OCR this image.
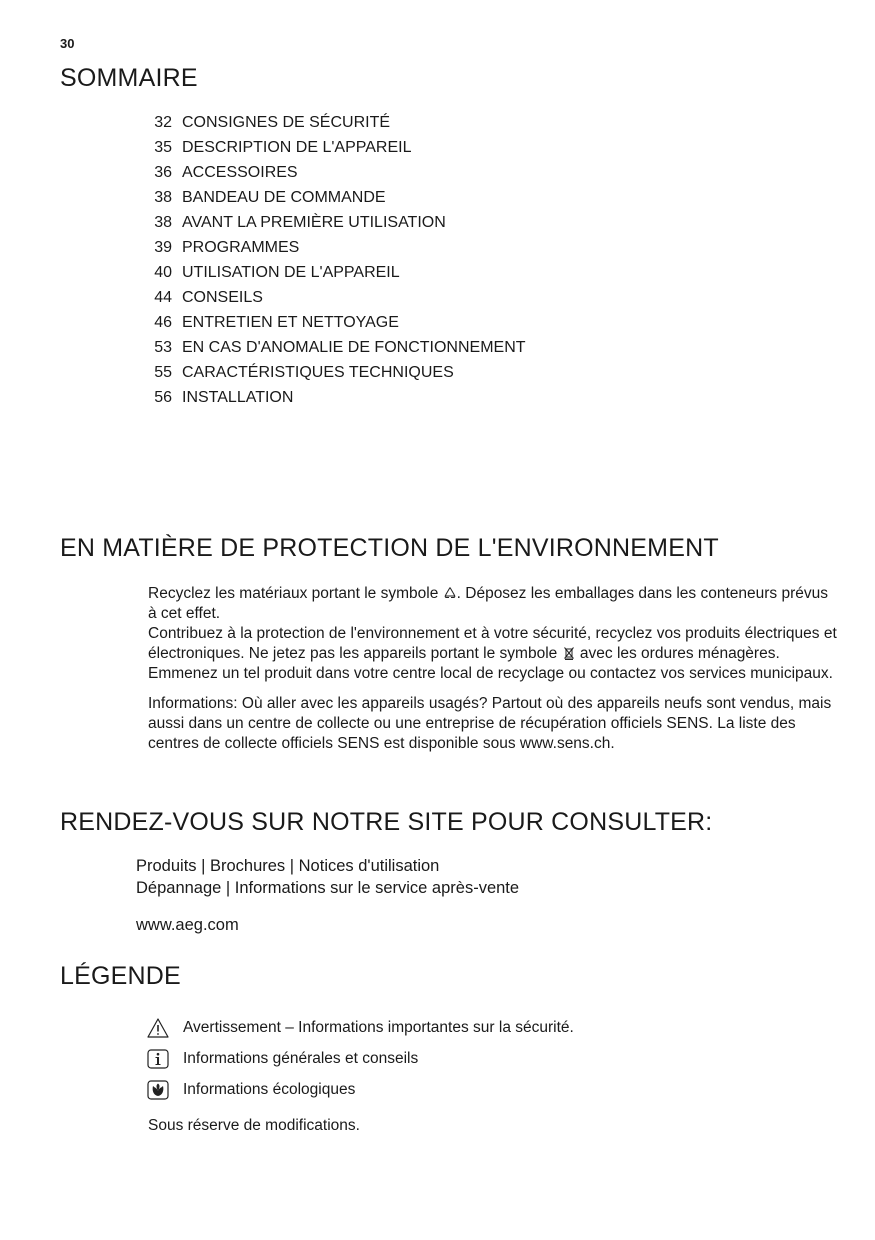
30
SOMMAIRE
32 CONSIGNES DE SÉCURITÉ
35 DESCRIPTION DE L'APPAREIL
36 ACCESSOIRES
38 BANDEAU DE COMMANDE
38 AVANT LA PREMIÈRE UTILISATION
39 PROGRAMMES
40 UTILISATION DE L'APPAREIL
44 CONSEILS
46 ENTRETIEN ET NETTOYAGE
53 EN CAS D'ANOMALIE DE FONCTIONNEMENT
55 CARACTÉRISTIQUES TECHNIQUES
56 INSTALLATION
EN MATIÈRE DE PROTECTION DE L'ENVIRONNEMENT

Recyclez les matériaux portant le symbole . Déposez les emballages dans les conteneurs prévus à cet effet.

Contribuez à la protection de l'environnement et à votre sécurité, recyclez vos produits électriques et électroniques. Ne jetez pas les appareils portant le symbole avec les ordures ménagères. Emmenez un tel produit dans votre centre local de recyclage ou contactez vos services municipaux.

Informations: Où aller avec les appareils usagés? Partout où des appareils neufs sont vendus, mais aussi dans un centre de collecte ou une entreprise de récupération officiels SENS. La liste des centres de collecte officiels SENS est disponible sous www.sens.ch.

RENDEZ-VOUS SUR NOTRE SITE POUR CONSULTER:
Produits | Brochures | Notices d'utilisation
Dépannage | Informations sur le service après-vente
www.aeg.com
LÉGENDE
Avertissement – Informations importantes sur la sécurité.
Informations générales et conseils
Informations écologiques
Sous réserve de modifications.
